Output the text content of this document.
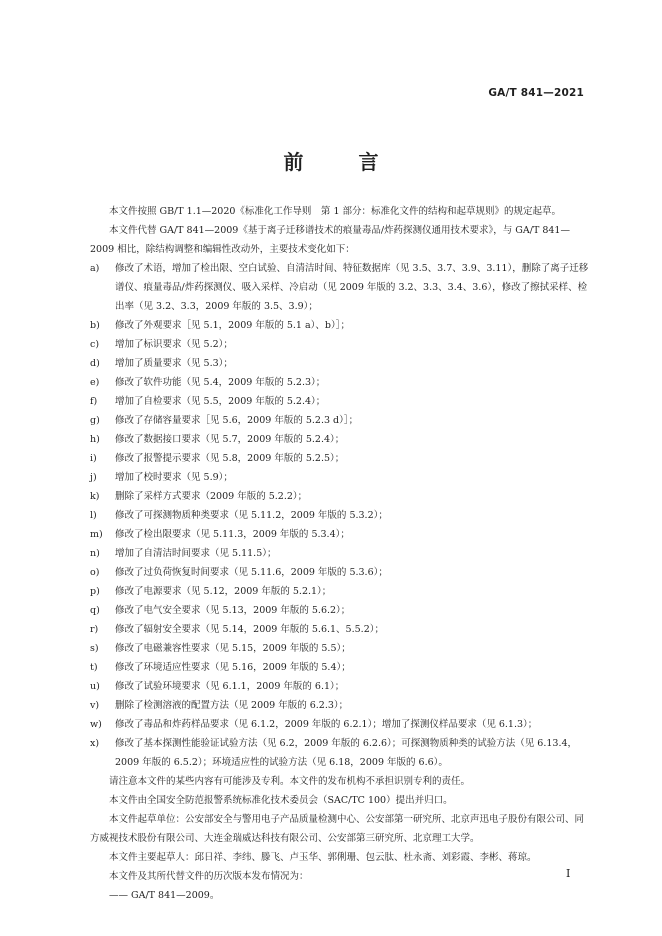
GA/T 841—2021
前 言

本文件按照 GB/T 1.1—2020《标准化工作导则　第 1 部分：标准化文件的结构和起草规则》的规定起草。

本文件代替 GA/T 841—2009《基于离子迁移谱技术的痕量毒品/炸药探测仪通用技术要求》，与 GA/T 841—2009 相比，除结构调整和编辑性改动外，主要技术变化如下：

a)	修改了术语，增加了检出限、空白试验、自清洁时间、特征数据库（见 3.5、3.7、3.9、3.11），删除了离子迁移谱仪、痕量毒品/炸药探测仪、吸入采样、冷启动（见 2009 年版的 3.2、3.3、3.4、3.6），修改了擦拭采样、检出率（见 3.2、3.3，2009 年版的 3.5、3.9）；
b)	修改了外观要求［见 5.1，2009 年版的 5.1 a）、b）］；
c)	增加了标识要求（见 5.2）；
d)	增加了质量要求（见 5.3）；
e)	修改了软件功能（见 5.4，2009 年版的 5.2.3）；
f)	增加了自检要求（见 5.5，2009 年版的 5.2.4）；
g)	修改了存储容量要求［见 5.6，2009 年版的 5.2.3 d）］；
h)	修改了数据接口要求（见 5.7，2009 年版的 5.2.4）；
i)	修改了报警提示要求（见 5.8，2009 年版的 5.2.5）；
j)	增加了校时要求（见 5.9）；
k)	删除了采样方式要求（2009 年版的 5.2.2）；
l)	修改了可探测物质种类要求（见 5.11.2，2009 年版的 5.3.2）；
m)	修改了检出限要求（见 5.11.3，2009 年版的 5.3.4）；
n)	增加了自清洁时间要求（见 5.11.5）；
o)	修改了过负荷恢复时间要求（见 5.11.6，2009 年版的 5.3.6）；
p)	修改了电源要求（见 5.12，2009 年版的 5.2.1）；
q)	修改了电气安全要求（见 5.13，2009 年版的 5.6.2）；
r)	修改了辐射安全要求（见 5.14，2009 年版的 5.6.1、5.5.2）；
s)	修改了电磁兼容性要求（见 5.15，2009 年版的 5.5）；
t)	修改了环境适应性要求（见 5.16，2009 年版的 5.4）；
u)	修改了试验环境要求（见 6.1.1，2009 年版的 6.1）；
v)	删除了检测溶液的配置方法（见 2009 年版的 6.2.3）；
w)	修改了毒品和炸药样品要求（见 6.1.2，2009 年版的 6.2.1）；增加了探测仪样品要求（见 6.1.3）；
x)	修改了基本探测性能验证试验方法（见 6.2，2009 年版的 6.2.6）；可探测物质种类的试验方法（见 6.13.4，2009 年版的 6.5.2）；环境适应性的试验方法（见 6.18，2009 年版的 6.6）。

请注意本文件的某些内容有可能涉及专利。本文件的发布机构不承担识别专利的责任。

本文件由全国安全防范报警系统标准化技术委员会（SAC/TC 100）提出并归口。

本文件起草单位：公安部安全与警用电子产品质量检测中心、公安部第一研究所、北京声迅电子股份有限公司、同方威视技术股份有限公司、大连金瑞威达科技有限公司、公安部第三研究所、北京理工大学。

本文件主要起草人：邱日祥、李纬、滕飞、卢玉华、郭俐珊、包云肽、杜永斋、刘彩霞、李彬、蒋琼。

本文件及其所代替文件的历次版本发布情况为：

—— GA/T 841—2009。

I
